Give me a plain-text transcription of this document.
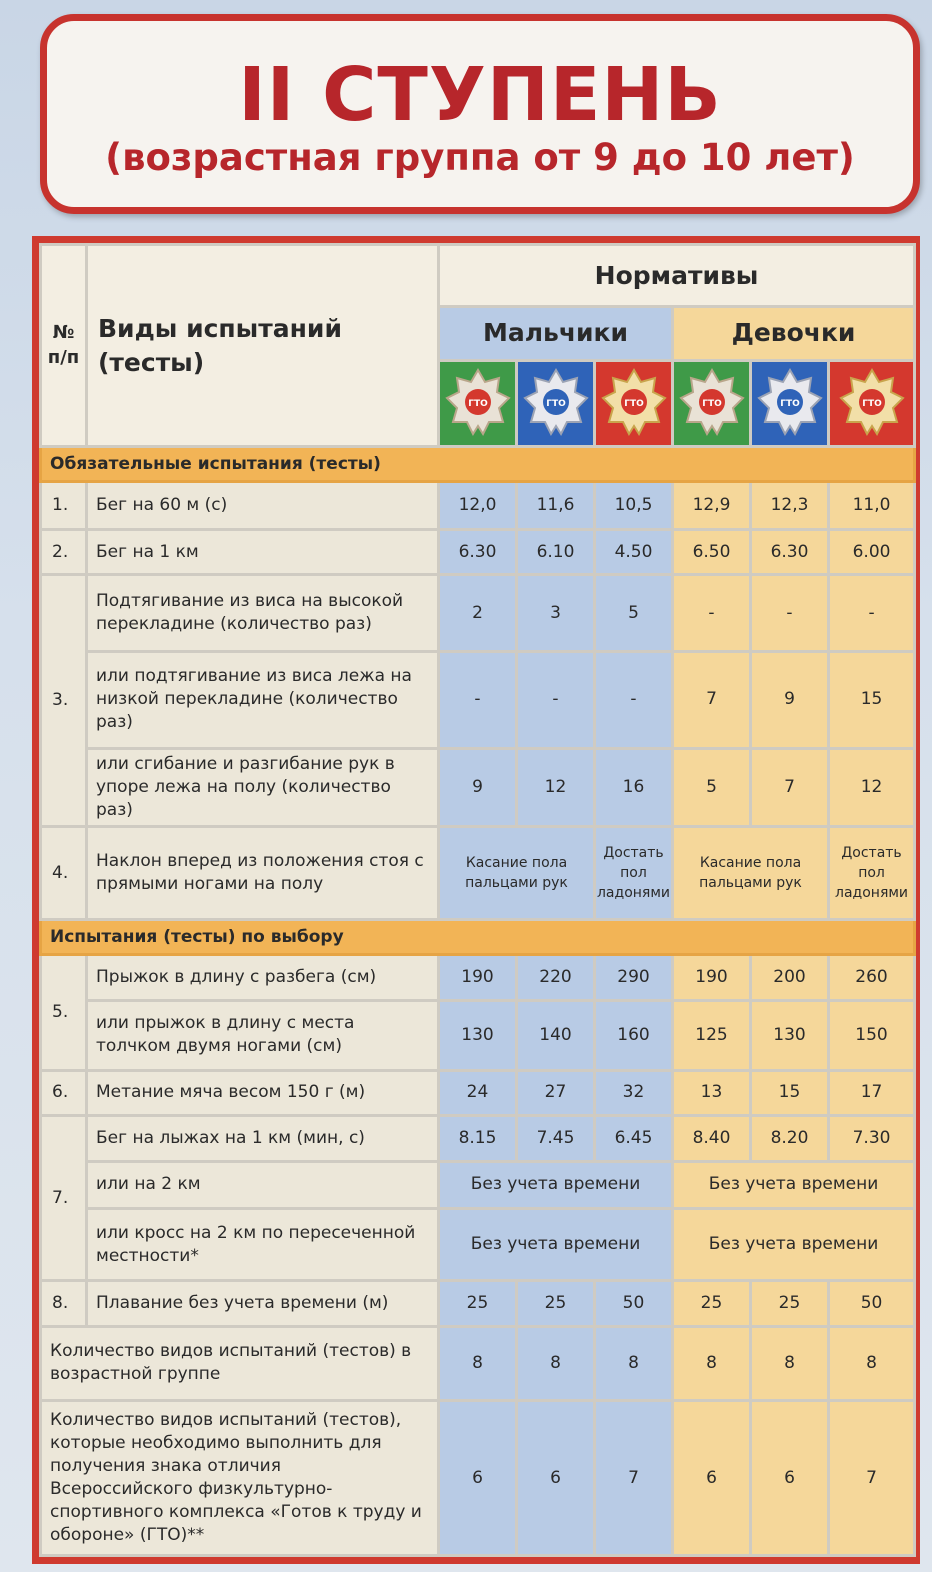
II СТУПЕНЬ
(возрастная группа от 9 до 10 лет)
№ п/п	Виды испытаний (тесты)	Нормативы					
		Мальчики			Девочки		

ГТО	ГТО	ГТО	ГТО	ГТО	ГТО

Обязательные испытания (тесты)							
1.	Бег на 60 м (с)	12,0	11,6	10,5	12,9	12,3	11,0
2.	Бег на 1 км	6.30	6.10	4.50	6.50	6.30	6.00
3.	Подтягивание из виса на высокой перекладине (количество раз)	2	3	5	-	-	-
	или подтягивание из виса лежа на низкой перекладине (количество раз)	-	-	-	7	9	15
	или сгибание и разгибание рук в упоре лежа на полу (количество раз)	9	12	16	5	7	12
4.	Наклон вперед из положения стоя с прямыми ногами на полу	Касание пола пальцами рук		Достать пол ладонями	Касание пола пальцами рук		Достать пол ладонями
Испытания (тесты) по выбору							
5.	Прыжок в длину с разбега (см)	190	220	290	190	200	260
	или прыжок в длину с места толчком двумя ногами (см)	130	140	160	125	130	150
6.	Метание мяча весом 150 г (м)	24	27	32	13	15	17
7.	Бег на лыжах на 1 км (мин, с)	8.15	7.45	6.45	8.40	8.20	7.30
	или на 2 км	Без учета времени			Без учета времени		
	или кросс на 2 км по пересеченной местности*	Без учета времени			Без учета времени		
8.	Плавание без учета времени (м)	25	25	50	25	25	50
Количество видов испытаний (тестов) в возрастной группе		8	8	8	8	8	8
Количество видов испытаний (тестов), которые необходимо выполнить для получения знака отличия Всероссийского физкультурно-спортивного комплекса «Готов к труду и обороне» (ГТО)**		6	6	7	6	6	7
